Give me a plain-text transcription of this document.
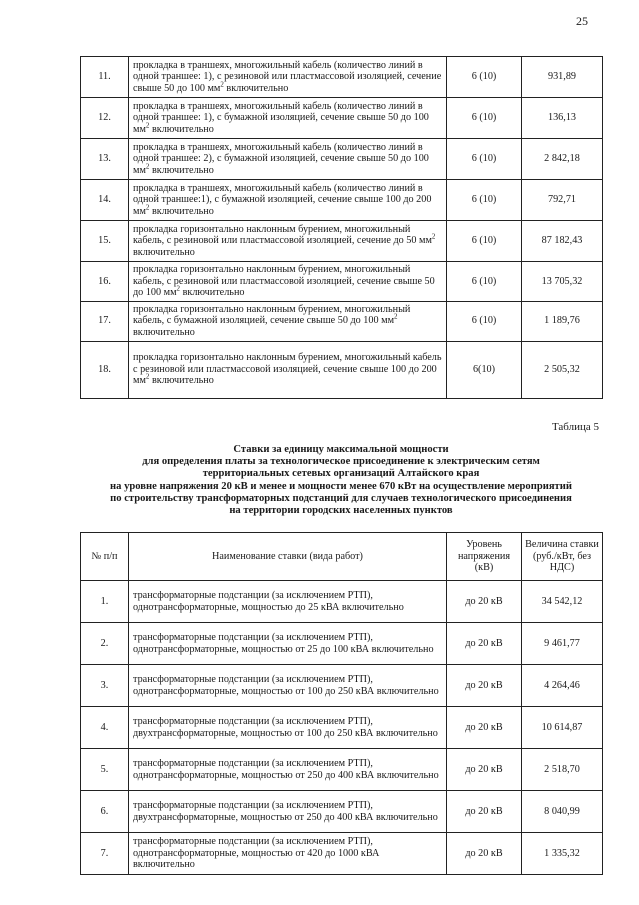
25
11.	прокладка в траншеях, многожильный кабель (количество линий в одной траншее: 1), с резиновой или пластмассовой изоляцией, сечение свыше 50 до 100 $мм^2$ включительно	6 (10)	931,89
12.	прокладка в траншеях, многожильный кабель (количество линий в одной траншее: 1), с бумажной изоляцией, сечение свыше 50 до 100 $мм^2$ включительно	6 (10)	136,13
13.	прокладка в траншеях, многожильный кабель (количество линий в одной траншее: 2), с бумажной изоляцией, сечение свыше 50 до 100 $мм^2$ включительно	6 (10)	2 842,18
14.	прокладка в траншеях, многожильный кабель (количество линий в одной траншее:1), с бумажной изоляцией, сечение свыше 100 до 200 $мм^2$ включительно	6 (10)	792,71
15.	прокладка горизонтально наклонным бурением, многожильный кабель, с резиновой или пластмассовой изоляцией, сечение до 50 $мм^2$ включительно	6 (10)	87 182,43
16.	прокладка горизонтально наклонным бурением, многожильный кабель, с резиновой или пластмассовой изоляцией, сечение свыше 50 до 100 $мм^2$ включительно	6 (10)	13 705,32
17.	прокладка горизонтально наклонным бурением, многожильный кабель, с бумажной изоляцией, сечение свыше 50 до 100 $мм^2$ включительно	6 (10)	1 189,76
18.	прокладка горизонтально наклонным бурением, многожильный кабель с резиновой или пластмассовой изоляцией, сечение свыше 100 до 200 $мм^2$ включительно	6(10)	2 505,32
Таблица 5
Ставки за единицу максимальной мощности
для определения платы за технологическое присоединение к электрическим сетям
территориальных сетевых организаций Алтайского края
на уровне напряжения 20 кВ и менее и мощности менее 670 кВт на осуществление мероприятий
по строительству трансформаторных подстанций для случаев технологического присоединения
на территории городских населенных пунктов
№ п/п	Наименование ставки (вида работ)	Уровень напряжения (кВ)	Величина ставки (руб./кВт, без НДС)
1.	трансформаторные подстанции (за исключением РТП), однотрансформаторные, мощностью до 25 кВА включительно	до 20 кВ	34 542,12
2.	трансформаторные подстанции (за исключением РТП), однотрансформаторные, мощностью от 25 до 100 кВА включительно	до 20 кВ	9 461,77
3.	трансформаторные подстанции (за исключением РТП), однотрансформаторные, мощностью от 100 до 250 кВА включительно	до 20 кВ	4 264,46
4.	трансформаторные подстанции (за исключением РТП), двухтрансформаторные, мощностью от 100 до 250 кВА включительно	до 20 кВ	10 614,87
5.	трансформаторные подстанции (за исключением РТП), однотрансформаторные, мощностью от 250 до 400 кВА включительно	до 20 кВ	2 518,70
6.	трансформаторные подстанции (за исключением РТП), двухтрансформаторные, мощностью от 250 до 400 кВА включительно	до 20 кВ	8 040,99
7.	трансформаторные подстанции (за исключением РТП), однотрансформаторные, мощностью от 420 до 1000 кВА включительно	до 20 кВ	1 335,32
